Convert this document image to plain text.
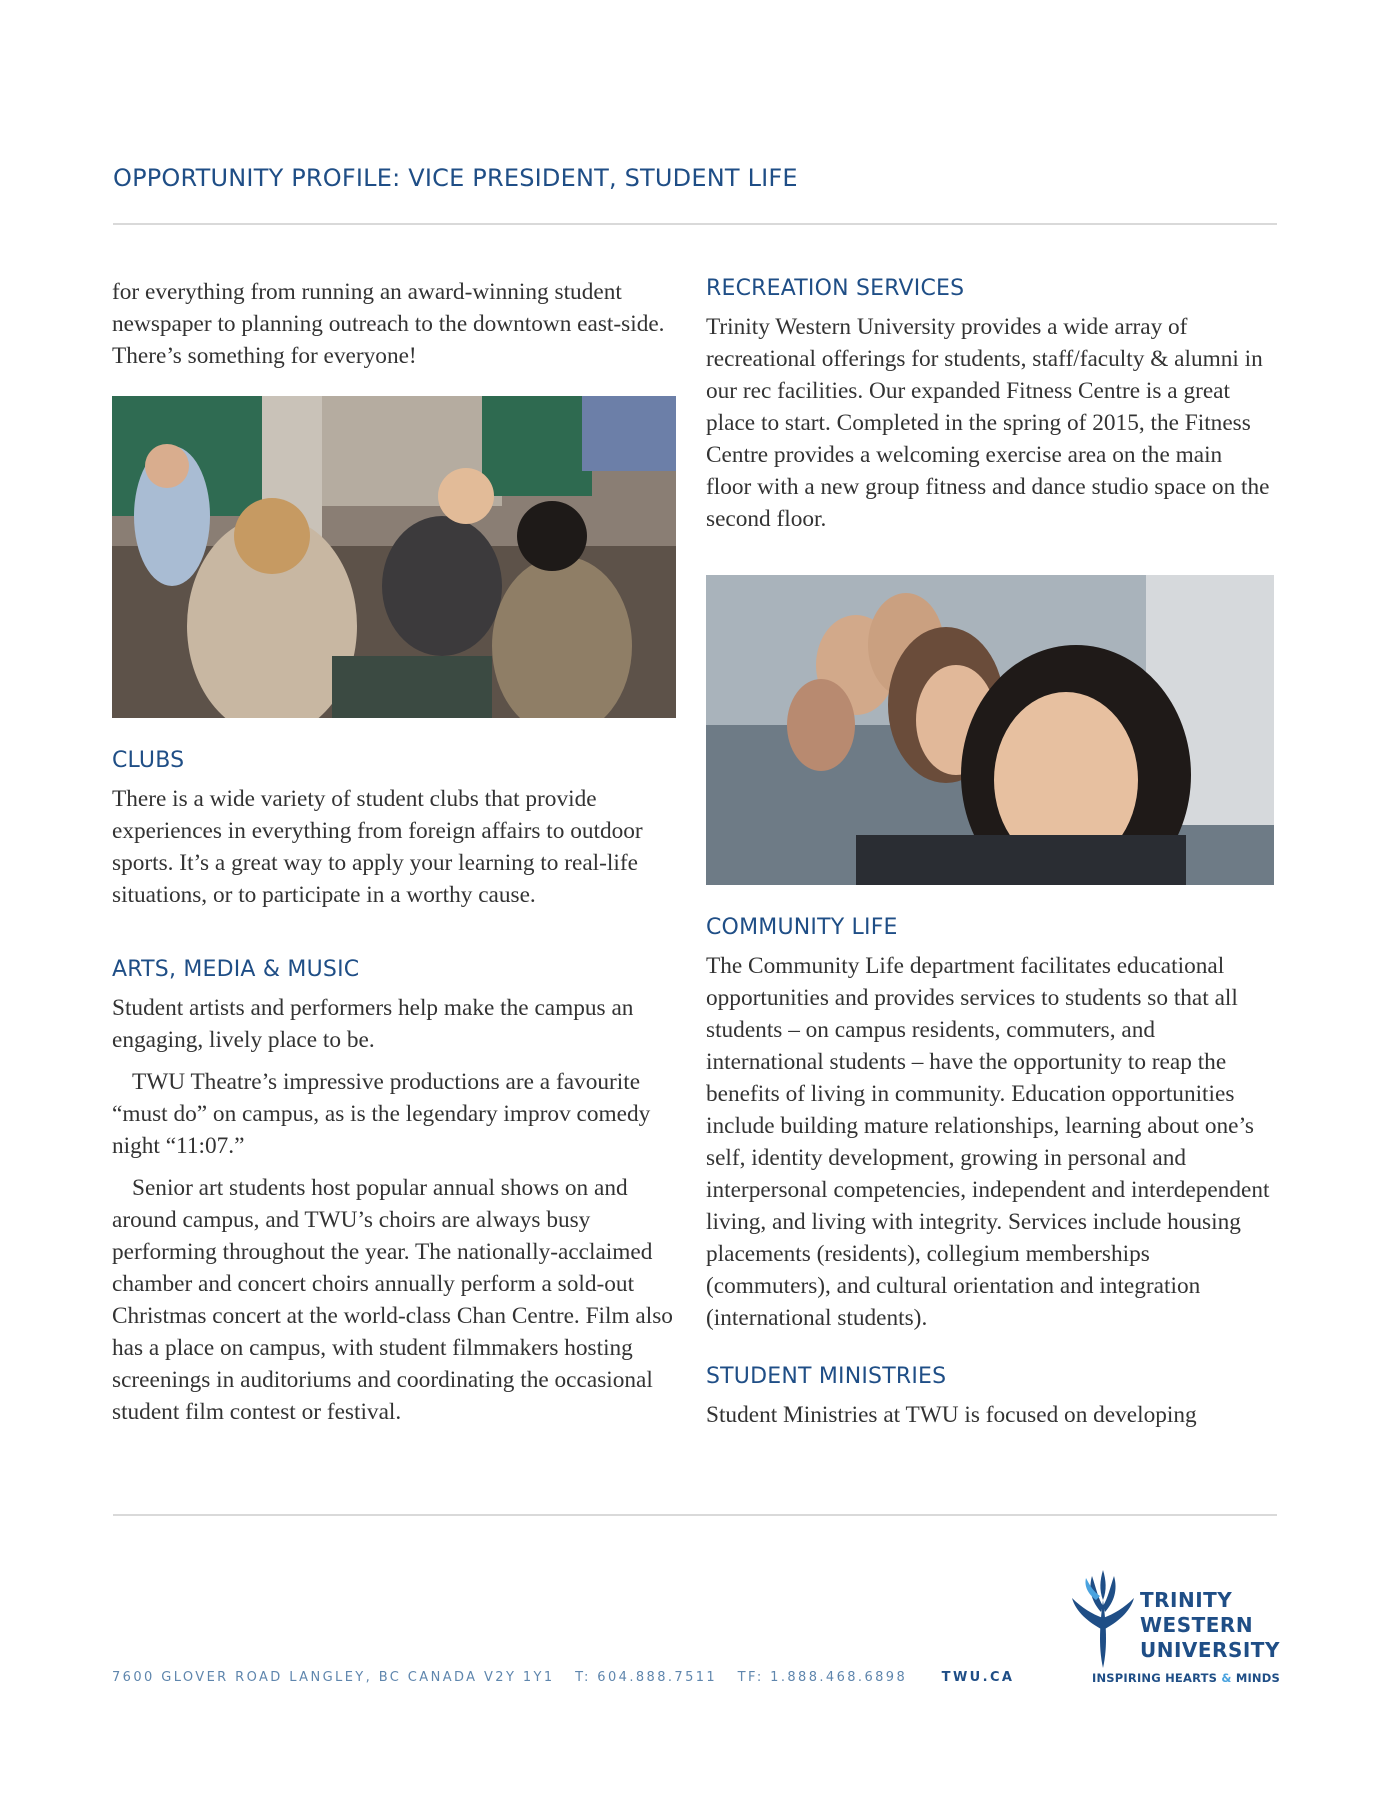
OPPORTUNITY PROFILE: VICE PRESIDENT, STUDENT LIFE

for everything from running an award-winning student newspaper to planning outreach to the downtown east-side. There’s something for everyone!

CLUBS

There is a wide variety of student clubs that provide experiences in everything from foreign affairs to outdoor sports. It’s a great way to apply your learning to real-life situations, or to participate in a worthy cause.

ARTS, MEDIA & MUSIC

Student artists and performers help make the campus an engaging, lively place to be.

TWU Theatre’s impressive productions are a favourite “must do” on campus, as is the legendary improv comedy night “11:07.”

Senior art students host popular annual shows on and around campus, and TWU’s choirs are always busy performing throughout the year. The nationally-acclaimed chamber and concert choirs annually perform a sold-out Christmas concert at the world-class Chan Centre. Film also has a place on campus, with student filmmakers hosting screenings in auditoriums and coordinating the occasional student film contest or festival.

RECREATION SERVICES

Trinity Western University provides a wide array of recreational offerings for students, staff/faculty & alumni in our rec facilities. Our expanded Fitness Centre is a great place to start. Completed in the spring of 2015, the Fitness Centre provides a welcoming exercise area on the main floor with a new group fitness and dance studio space on the second floor.

COMMUNITY LIFE

The Community Life department facilitates educational opportunities and provides services to students so that all students – on campus residents, commuters, and international students – have the opportunity to reap the benefits of living in community. Education opportunities include building mature relationships, learning about one’s self, identity development, growing in personal and interpersonal competencies, independent and interdependent living, and living with integrity. Services include housing placements (residents), collegium memberships (commuters), and cultural orientation and integration (international students).

STUDENT MINISTRIES

Student Ministries at TWU is focused on developing

TRINITY
WESTERN
UNIVERSITY
INSPIRING HEARTS & MINDS
7600 GLOVER ROAD LANGLEY, BC CANADA V2Y 1Y1 T: 604.888.7511 TF: 1.888.468.6898	TWU.CA
